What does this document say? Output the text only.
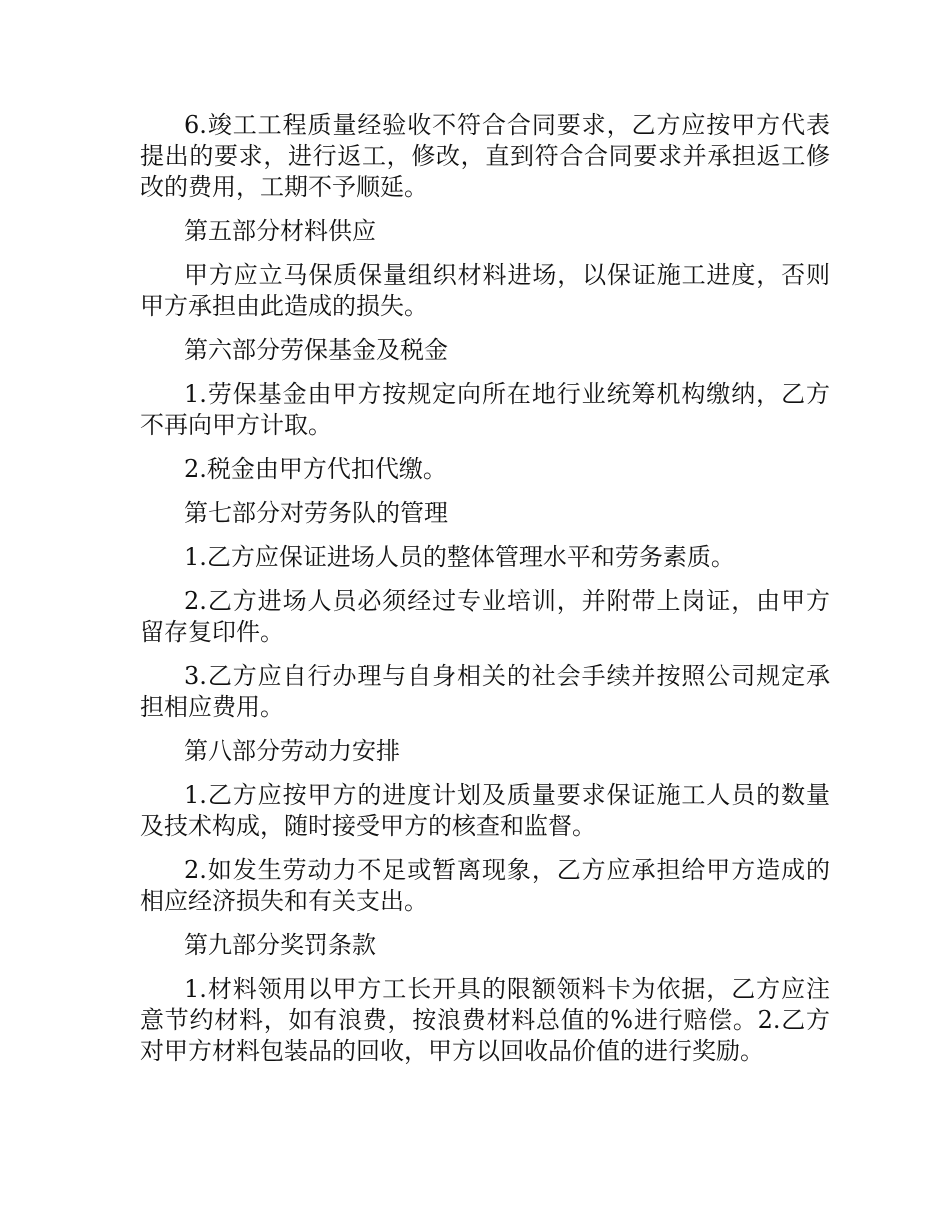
6.竣工工程质量经验收不符合合同要求，乙方应按甲方代表提出的要求，进行返工，修改，直到符合合同要求并承担返工修改的费用，工期不予顺延。

第五部分材料供应

甲方应立马保质保量组织材料进场，以保证施工进度，否则甲方承担由此造成的损失。

第六部分劳保基金及税金

1.劳保基金由甲方按规定向所在地行业统筹机构缴纳，乙方不再向甲方计取。

2.税金由甲方代扣代缴。

第七部分对劳务队的管理

1.乙方应保证进场人员的整体管理水平和劳务素质。

2.乙方进场人员必须经过专业培训，并附带上岗证，由甲方留存复印件。

3.乙方应自行办理与自身相关的社会手续并按照公司规定承担相应费用。

第八部分劳动力安排

1.乙方应按甲方的进度计划及质量要求保证施工人员的数量及技术构成，随时接受甲方的核查和监督。

2.如发生劳动力不足或暂离现象，乙方应承担给甲方造成的相应经济损失和有关支出。

第九部分奖罚条款

1.材料领用以甲方工长开具的限额领料卡为依据，乙方应注意节约材料，如有浪费，按浪费材料总值的%进行赔偿。2.乙方对甲方材料包装品的回收，甲方以回收品价值的进行奖励。
